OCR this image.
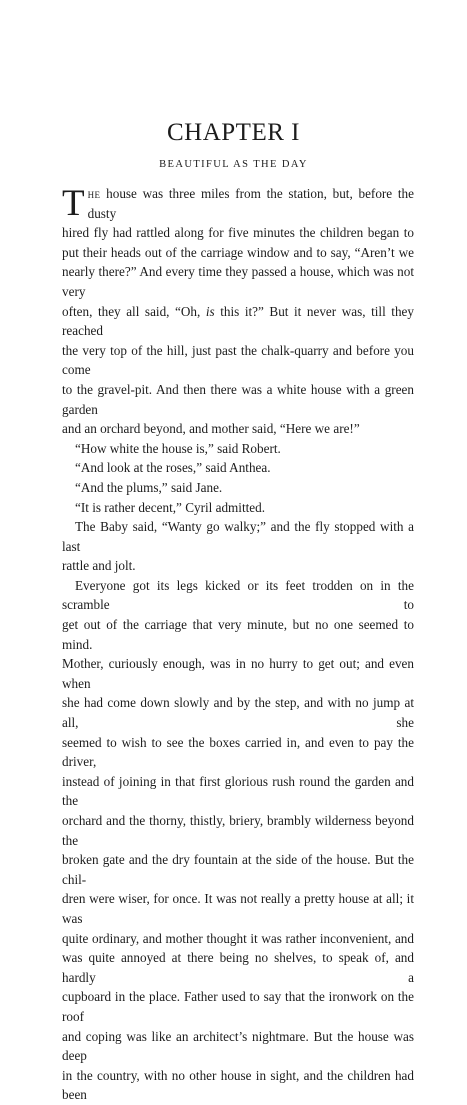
CHAPTER I
BEAUTIFUL AS THE DAY

T he house was three miles from the station, but, before the dusty
hired fly had rattled along for five minutes the children began to
put their heads out of the carriage window and to say, “Aren’t we
nearly there?” And every time they passed a house, which was not very
often, they all said, “Oh, is this it?” But it never was, till they reached
the very top of the hill, just past the chalk-quarry and before you come
to the gravel-pit. And then there was a white house with a green garden
and an orchard beyond, and mother said, “Here we are!”

“How white the house is,” said Robert.

“And look at the roses,” said Anthea.

“And the plums,” said Jane.

“It is rather decent,” Cyril admitted.

The Baby said, “Wanty go walky;” and the fly stopped with a last
rattle and jolt.

Everyone got its legs kicked or its feet trodden on in the scramble to
get out of the carriage that very minute, but no one seemed to mind.
Mother, curiously enough, was in no hurry to get out; and even when
she had come down slowly and by the step, and with no jump at all, she
seemed to wish to see the boxes carried in, and even to pay the driver,
instead of joining in that first glorious rush round the garden and the
orchard and the thorny, thistly, briery, brambly wilderness beyond the
broken gate and the dry fountain at the side of the house. But the chil-
dren were wiser, for once. It was not really a pretty house at all; it was
quite ordinary, and mother thought it was rather inconvenient, and
was quite annoyed at there being no shelves, to speak of, and hardly a
cupboard in the place. Father used to say that the ironwork on the roof
and coping was like an architect’s nightmare. But the house was deep
in the country, with no other house in sight, and the children had been
